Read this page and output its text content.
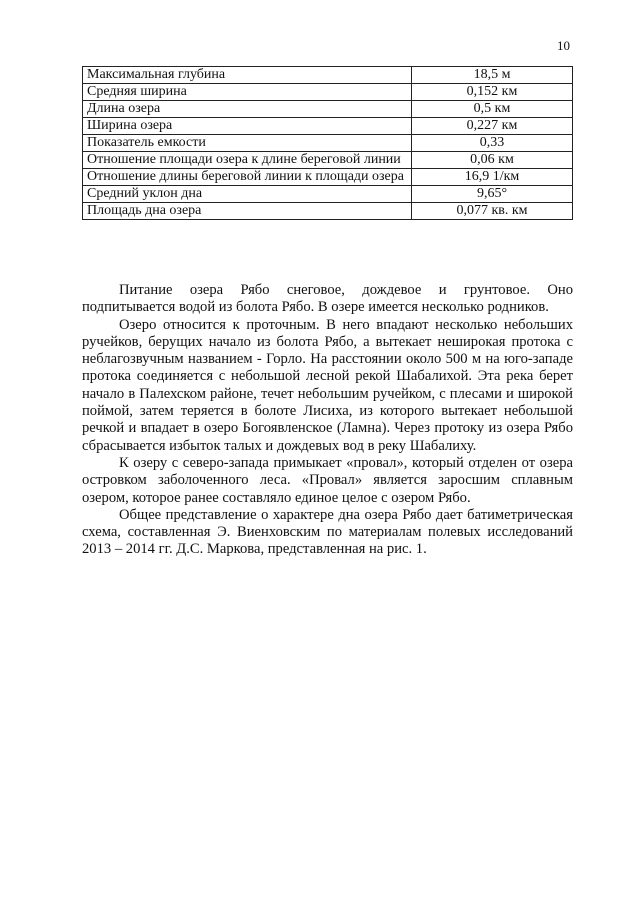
10
Максимальная глубина	18,5 м
Средняя ширина	0,152 км
Длина озера	0,5 км
Ширина озера	0,227 км
Показатель емкости	0,33
Отношение площади озера к длине береговой линии	0,06 км
Отношение длины береговой линии к площади озера	16,9 1/км
Средний уклон дна	9,65°
Площадь дна озера	0,077 кв. км

Питание озера Рябо снеговое, дождевое и грунтовое. Оно подпитывается водой из болота Рябо. В озере имеется несколько родников.

Озеро относится к проточным. В него впадают несколько небольших ручейков, берущих начало из болота Рябо, а вытекает неширокая протока с неблагозвучным названием - Горло. На расстоянии около 500 м на юго-западе протока соединяется с небольшой лесной рекой Шабалихой. Эта река берет начало в Палехском районе, течет небольшим ручейком, с плесами и широкой поймой, затем теряется в болоте Лисиха, из которого вытекает небольшой речкой и впадает в озеро Богоявленское (Ламна). Через протоку из озера Рябо сбрасывается избыток талых и дождевых вод в реку Шабалиху.

К озеру с северо-запада примыкает «провал», который отделен от озера островком заболоченного леса. «Провал» является заросшим сплавным озером, которое ранее составляло единое целое с озером Рябо.

Общее представление о характере дна озера Рябо дает батиметрическая схема, составленная Э. Виенховским по материалам полевых исследований 2013 – 2014 гг. Д.С. Маркова, представленная на рис. 1.
